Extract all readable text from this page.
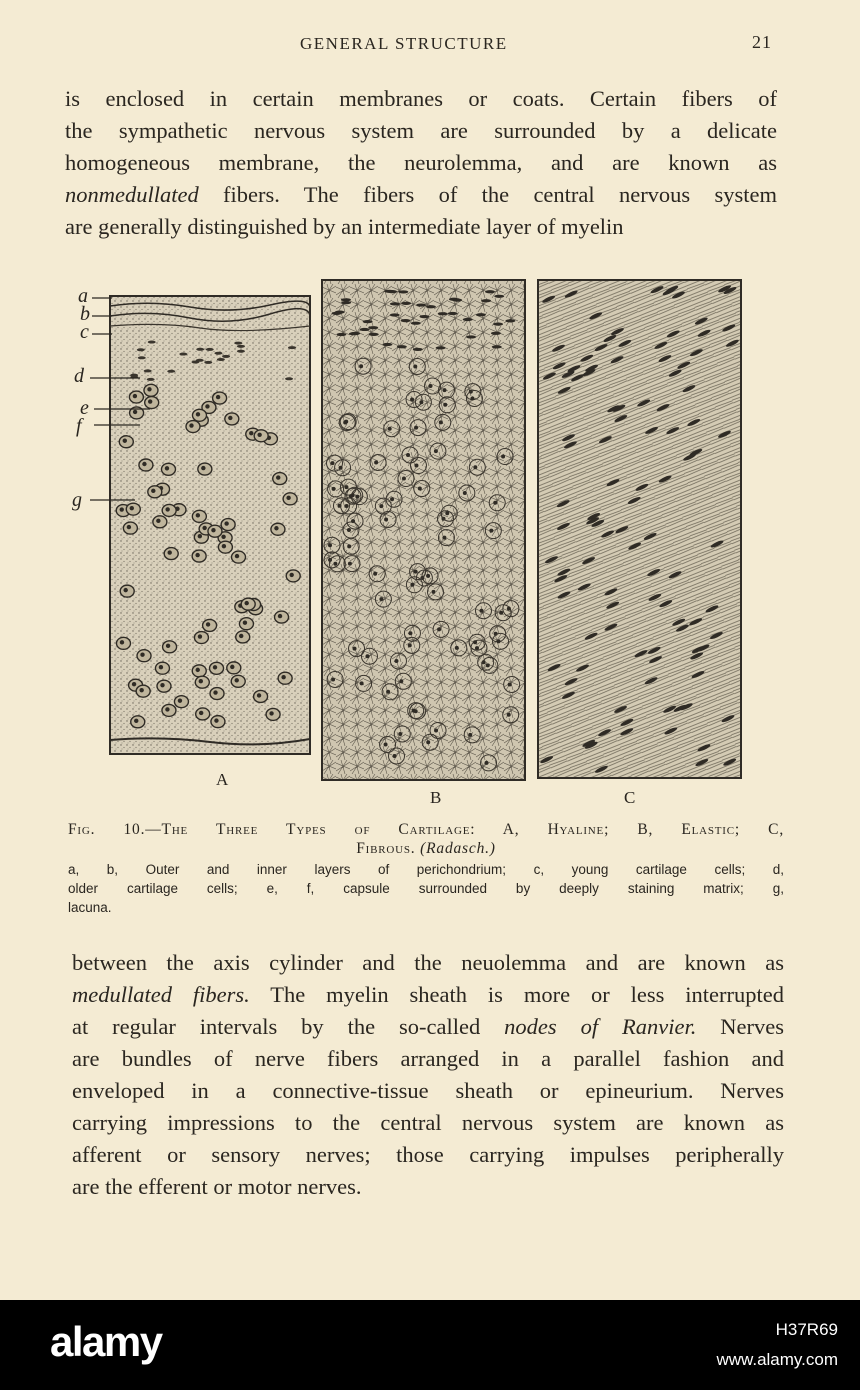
GENERAL STRUCTURE	21
is enclosed in certain membranes or coats. Certain fibers of
the sympathetic nervous system are surrounded by a delicate
homogeneous membrane, the neurolemma, and are known as
nonmedullated fibers. The fibers of the central nervous system
are generally distinguished by an intermediate layer of myelin
a
b
c
d
e
f
g
A
B	C
Fig. 10.—The Three Types of Cartilage: A, Hyaline; B, Elastic; C,
Fibrous. (Radasch.)
a, b, Outer and inner layers of perichondrium; c, young cartilage cells; d,
older cartilage cells; e, f, capsule surrounded by deeply staining matrix; g,
lacuna.
between the axis cylinder and the neuolemma and are known as
medullated fibers. The myelin sheath is more or less interrupted
at regular intervals by the so-called nodes of Ranvier. Nerves
are bundles of nerve fibers arranged in a parallel fashion and
enveloped in a connective-tissue sheath or epineurium. Nerves
carrying impressions to the central nervous system are known as
afferent or sensory nerves; those carrying impulses peripherally
are the efferent or motor nerves.
alamy	H37R69
www.alamy.com
